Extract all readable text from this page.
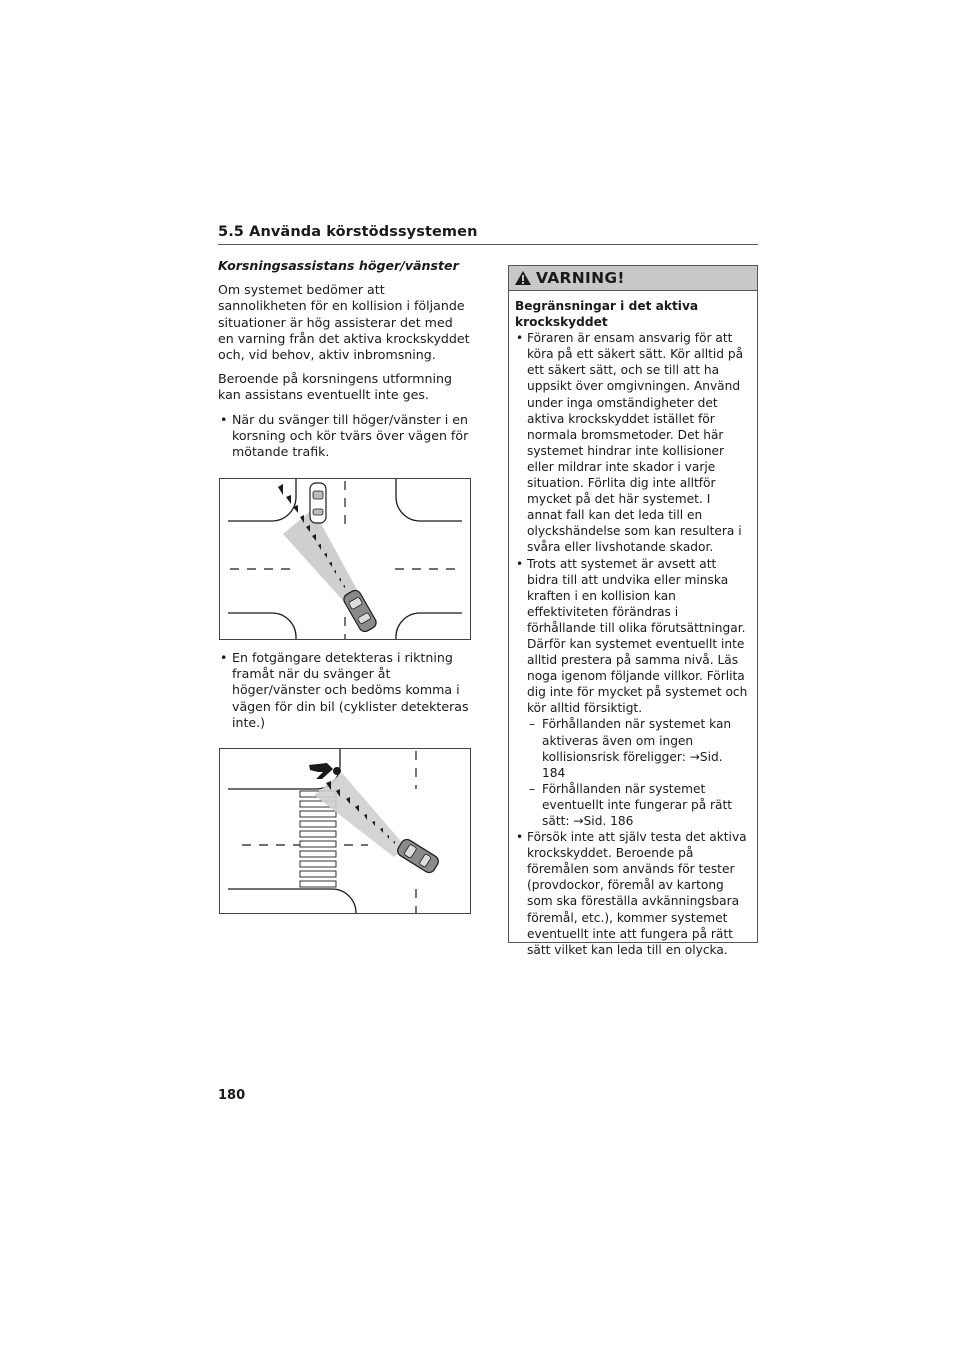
5.5 Använda körstödssystemen
Korsningsassistans höger/vänster

Om systemet bedömer att sannolikheten för en kollision i följande situationer är hög assisterar det med en varning från det aktiva krockskyddet och, vid behov, aktiv inbromsning.

Beroende på korsningens utformning kan assistans eventuellt inte ges.

• När du svänger till höger/vänster i en korsning och kör tvärs över vägen för mötande trafik.
• En fotgängare detekteras i riktning framåt när du svänger åt höger/vänster och bedöms komma i vägen för din bil (cyklister detekteras inte.)
VARNING!
Begränsningar i det aktiva krockskyddet
• Föraren är ensam ansvarig för att köra på ett säkert sätt. Kör alltid på ett säkert sätt, och se till att ha uppsikt över omgivningen. Använd under inga omständigheter det aktiva krockskyddet istället för normala bromsmetoder. Det här systemet hindrar inte kollisioner eller mildrar inte skador i varje situation. Förlita dig inte alltför mycket på det här systemet. I annat fall kan det leda till en olyckshändelse som kan resultera i svåra eller livshotande skador.
• Trots att systemet är avsett att bidra till att undvika eller minska kraften i en kollision kan effektiviteten förändras i förhållande till olika förutsättningar. Därför kan systemet eventuellt inte alltid prestera på samma nivå. Läs noga igenom följande villkor. Förlita dig inte för mycket på systemet och kör alltid försiktigt.
– Förhållanden när systemet kan aktiveras även om ingen kollisionsrisk föreligger: →Sid. 184
– Förhållanden när systemet eventuellt inte fungerar på rätt sätt: →Sid. 186
• Försök inte att själv testa det aktiva krockskyddet. Beroende på föremålen som används för tester (provdockor, föremål av kartong som ska föreställa avkänningsbara föremål, etc.), kommer systemet eventuellt inte att fungera på rätt sätt vilket kan leda till en olycka.
180
